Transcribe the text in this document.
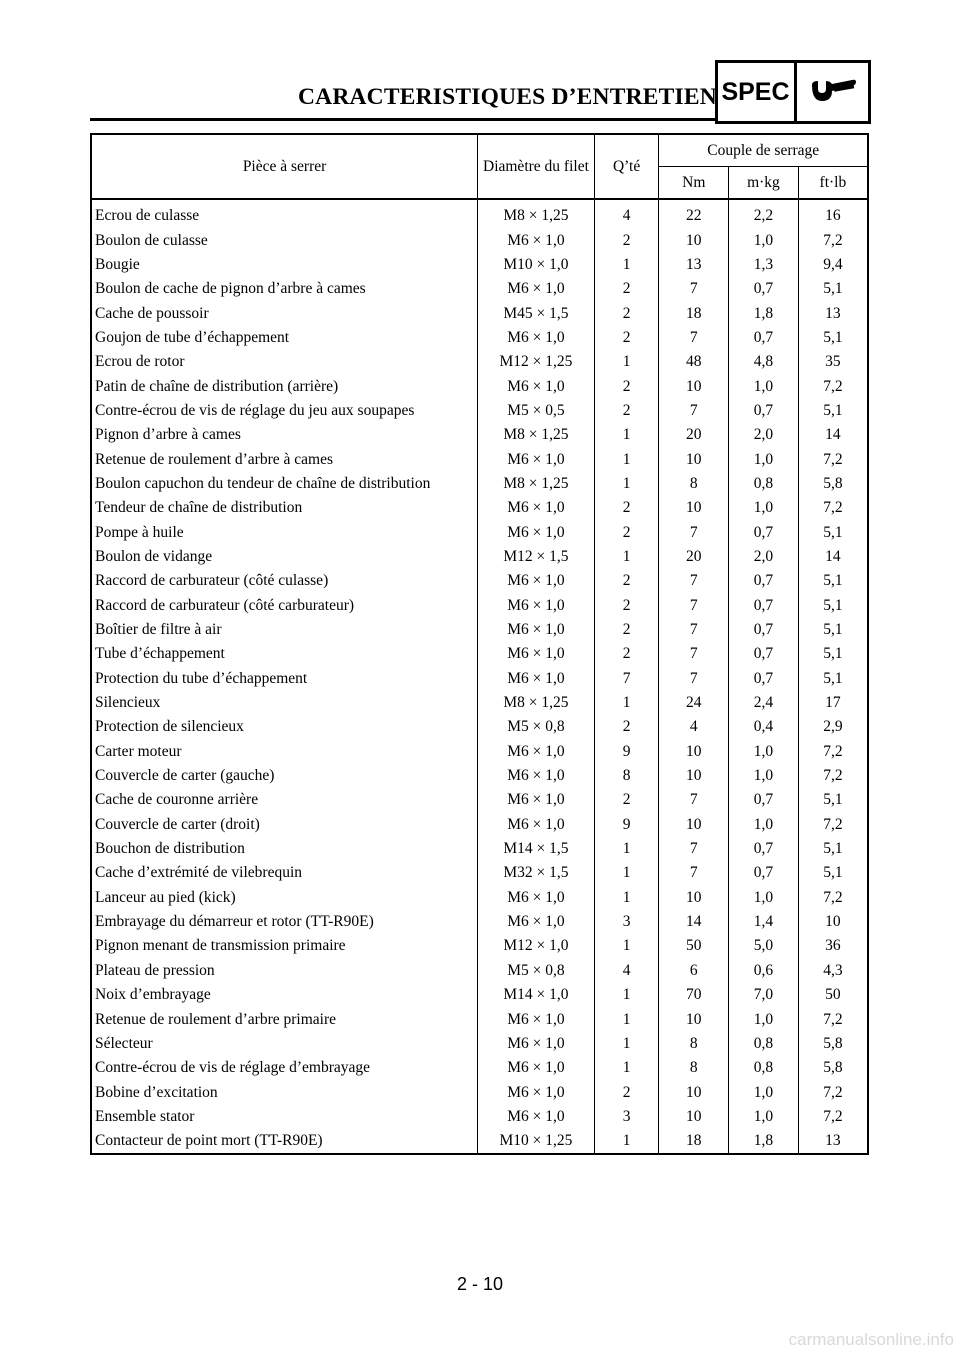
CARACTERISTIQUES D’ENTRETIEN SPEC
Pièce à serrer	Diamètre du filet	Q’té	Couple de serrage		
			Nm	m·kg	ft·lb
Ecrou de culasse	M8 × 1,25	4	22	2,2	16
Boulon de culasse	M6 × 1,0	2	10	1,0	7,2
Bougie	M10 × 1,0	1	13	1,3	9,4
Boulon de cache de pignon d’arbre à cames	M6 × 1,0	2	7	0,7	5,1
Cache de poussoir	M45 × 1,5	2	18	1,8	13
Goujon de tube d’échappement	M6 × 1,0	2	7	0,7	5,1
Ecrou de rotor	M12 × 1,25	1	48	4,8	35
Patin de chaîne de distribution (arrière)	M6 × 1,0	2	10	1,0	7,2
Contre-écrou de vis de réglage du jeu aux soupapes	M5 × 0,5	2	7	0,7	5,1
Pignon d’arbre à cames	M8 × 1,25	1	20	2,0	14
Retenue de roulement d’arbre à cames	M6 × 1,0	1	10	1,0	7,2
Boulon capuchon du tendeur de chaîne de distribution	M8 × 1,25	1	8	0,8	5,8
Tendeur de chaîne de distribution	M6 × 1,0	2	10	1,0	7,2
Pompe à huile	M6 × 1,0	2	7	0,7	5,1
Boulon de vidange	M12 × 1,5	1	20	2,0	14
Raccord de carburateur (côté culasse)	M6 × 1,0	2	7	0,7	5,1
Raccord de carburateur (côté carburateur)	M6 × 1,0	2	7	0,7	5,1
Boîtier de filtre à air	M6 × 1,0	2	7	0,7	5,1
Tube d’échappement	M6 × 1,0	2	7	0,7	5,1
Protection du tube d’échappement	M6 × 1,0	7	7	0,7	5,1
Silencieux	M8 × 1,25	1	24	2,4	17
Protection de silencieux	M5 × 0,8	2	4	0,4	2,9
Carter moteur	M6 × 1,0	9	10	1,0	7,2
Couvercle de carter (gauche)	M6 × 1,0	8	10	1,0	7,2
Cache de couronne arrière	M6 × 1,0	2	7	0,7	5,1
Couvercle de carter (droit)	M6 × 1,0	9	10	1,0	7,2
Bouchon de distribution	M14 × 1,5	1	7	0,7	5,1
Cache d’extrémité de vilebrequin	M32 × 1,5	1	7	0,7	5,1
Lanceur au pied (kick)	M6 × 1,0	1	10	1,0	7,2
Embrayage du démarreur et rotor (TT-R90E)	M6 × 1,0	3	14	1,4	10
Pignon menant de transmission primaire	M12 × 1,0	1	50	5,0	36
Plateau de pression	M5 × 0,8	4	6	0,6	4,3
Noix d’embrayage	M14 × 1,0	1	70	7,0	50
Retenue de roulement d’arbre primaire	M6 × 1,0	1	10	1,0	7,2
Sélecteur	M6 × 1,0	1	8	0,8	5,8
Contre-écrou de vis de réglage d’embrayage	M6 × 1,0	1	8	0,8	5,8
Bobine d’excitation	M6 × 1,0	2	10	1,0	7,2
Ensemble stator	M6 × 1,0	3	10	1,0	7,2
Contacteur de point mort (TT-R90E)	M10 × 1,25	1	18	1,8	13
2 - 10
carmanualsonline.info
